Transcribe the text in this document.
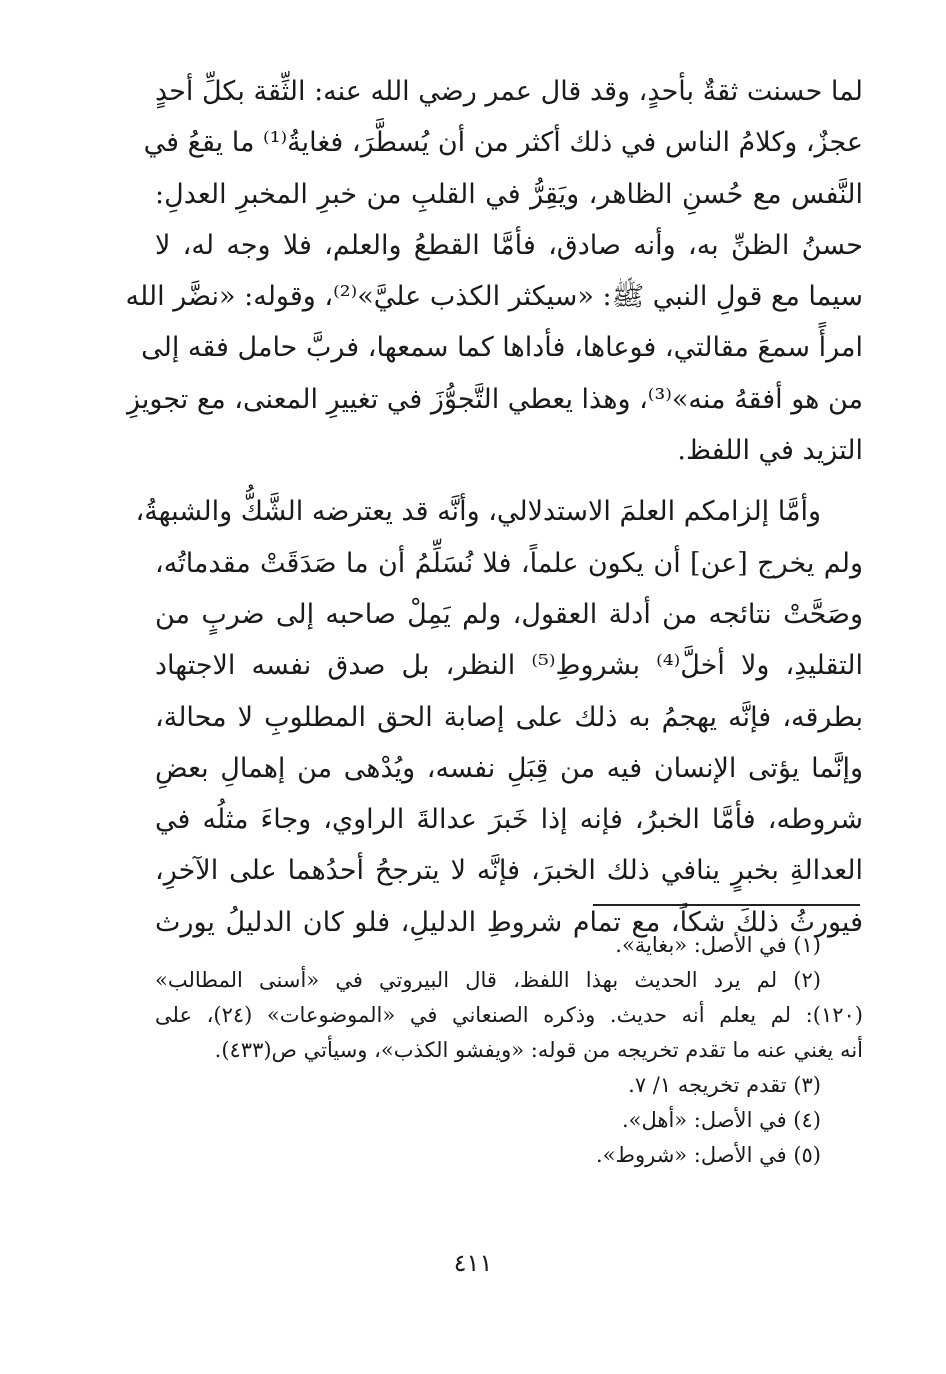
لما حسنت ثقةٌ بأحدٍ، وقد قال عمر رضي الله عنه: الثِّقة بكلِّ أحدٍ
عجزٌ، وكلامُ الناس في ذلك أكثر من أن يُسطَّرَ، فغايةُ⁽¹⁾ ما يقعُ في
النَّفس مع حُسنِ الظاهر، ويَقِرُّ في القلبِ من خبرِ المخبرِ العدلِ:
حسنُ الظنِّ به، وأنه صادق، فأمَّا القطعُ والعلم، فلا وجه له، لا
سيما مع قولِ النبي ﷺ: «سيكثر الكذب عليَّ»⁽²⁾، وقوله: «نضَّر الله
امرأً سمعَ مقالتي، فوعاها، فأداها كما سمعها، فربَّ حامل فقه إلى
من هو أفقهُ منه»⁽³⁾، وهذا يعطي التَّجوُّزَ في تغييرِ المعنى، مع تجويزِ
التزيد في اللفظ.
وأمَّا إلزامكم العلمَ الاستدلالي، وأنَّه قد يعترضه الشَّكُّ والشبهةُ،
ولم يخرج [عن] أن يكون علماً، فلا نُسَلِّمُ أن ما صَدَقَتْ مقدماتُه،
وصَحَّتْ نتائجه من أدلة العقول، ولم يَمِلْ صاحبه إلى ضربٍ من
التقليدِ، ولا أخلَّ⁽⁴⁾ بشروطِ⁽⁵⁾ النظر، بل صدق نفسه الاجتهاد
بطرقه، فإنَّه يهجمُ به ذلك على إصابة الحق المطلوبِ لا محالة،
وإنَّما يؤتى الإنسان فيه من قِبَلِ نفسه، ويُدْهى من إهمالِ بعضِ
شروطه، فأمَّا الخبرُ، فإنه إذا خَبرَ عدالةَ الراوي، وجاءَ مثلُه في
العدالةِ بخبرٍ ينافي ذلك الخبرَ، فإنَّه لا يترجحُ أحدُهما على الآخرِ،
فيورثُ ذلكَ شكاً، مع تمام شروطِ الدليلِ، فلو كان الدليلُ يورث
(١) في الأصل: «بغاية».
(٢) لم يرد الحديث بهذا اللفظ، قال البيروتي في «أسنى المطالب»
(١٢٠): لم يعلم أنه حديث. وذكره الصنعاني في «الموضوعات» (٢٤)، على
أنه يغني عنه ما تقدم تخريجه من قوله: «ويفشو الكذب»، وسيأتي ص(٤٣٣).
(٣) تقدم تخريجه ١/ ٧.
(٤) في الأصل: «أهل».
(٥) في الأصل: «شروط».
٤١١
